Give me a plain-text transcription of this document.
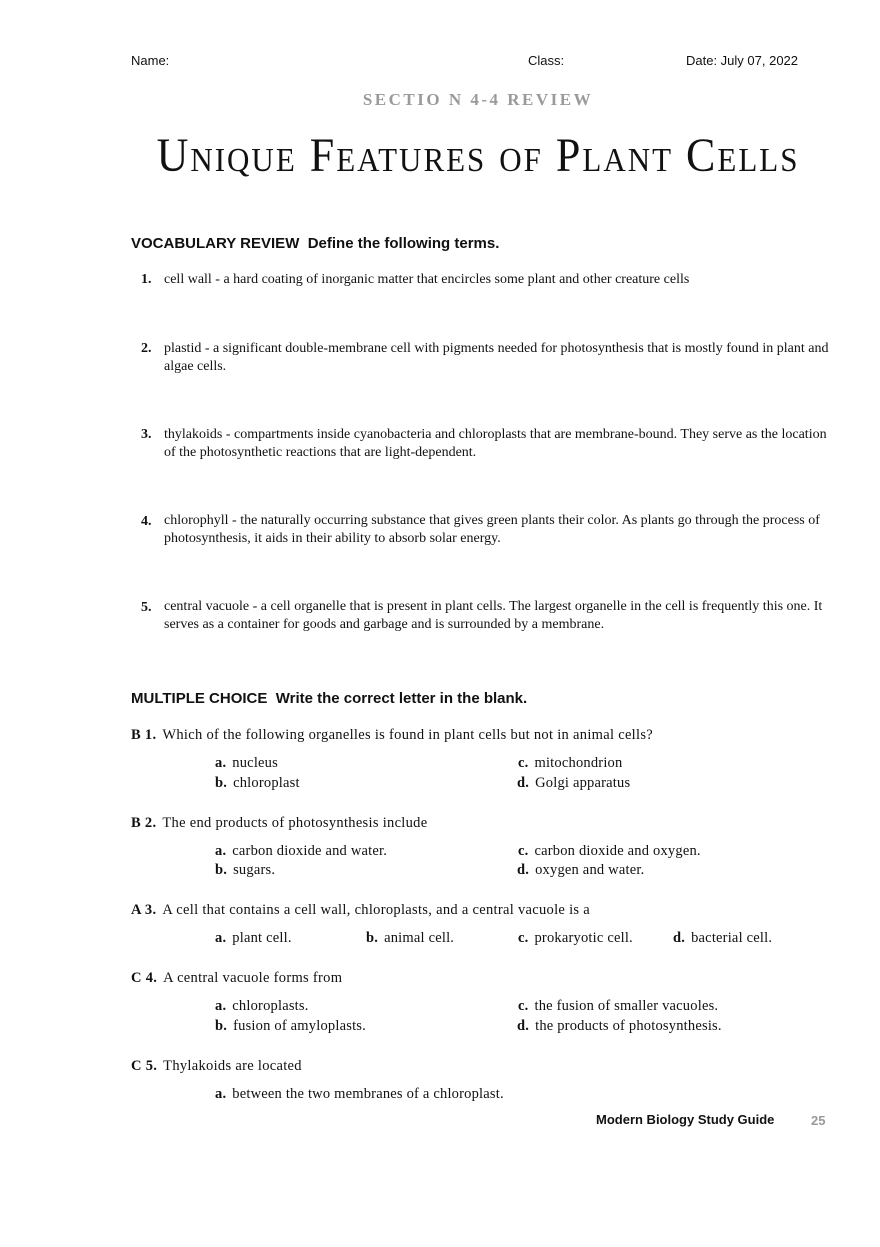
Name:	Class:	Date: July 07, 2022
SECTIO N 4-4 REVIEW
Unique Features of Plant Cells
VOCABULARY REVIEW Define the following terms.
1. cell wall - a hard coating of inorganic matter that encircles some plant and other creature cells
2. plastid - a significant double-membrane cell with pigments needed for photosynthesis that is mostly found in plant and algae cells.
3. thylakoids - compartments inside cyanobacteria and chloroplasts that are membrane-bound. They serve as the location of the photosynthetic reactions that are light-dependent.
4. chlorophyll - the naturally occurring substance that gives green plants their color. As plants go through the process of photosynthesis, it aids in their ability to absorb solar energy.
5. central vacuole - a cell organelle that is present in plant cells. The largest organelle in the cell is frequently this one. It serves as a container for goods and garbage and is surrounded by a membrane.
MULTIPLE CHOICE Write the correct letter in the blank.
B 1. Which of the following organelles is found in plant cells but not in animal cells?
a. nucleus
b. chloroplast
c. mitochondrion
d. Golgi apparatus
B 2. The end products of photosynthesis include
a. carbon dioxide and water.
b. sugars.
c. carbon dioxide and oxygen.
d. oxygen and water.
A 3. A cell that contains a cell wall, chloroplasts, and a central vacuole is a
a. plant cell.	b. animal cell.	c. prokaryotic cell.	d. bacterial cell.
C 4. A central vacuole forms from
a. chloroplasts.
b. fusion of amyloplasts.
c. the fusion of smaller vacuoles.
d. the products of photosynthesis.
C 5. Thylakoids are located
a. between the two membranes of a chloroplast.
Modern Biology Study Guide	25
